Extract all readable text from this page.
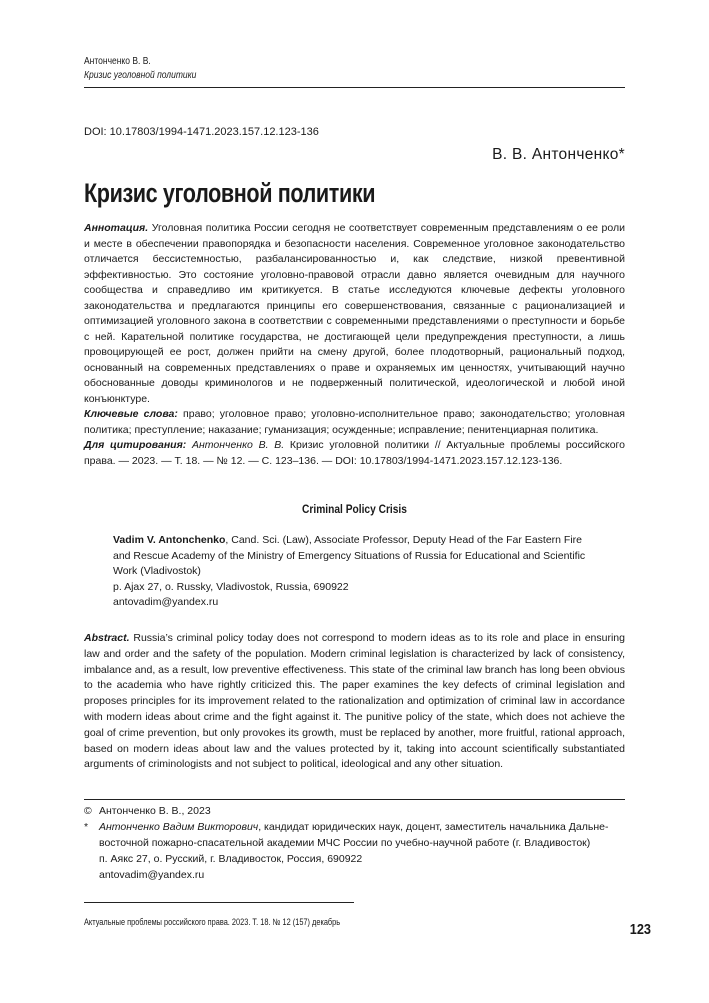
Антонченко В. В.
Кризис уголовной политики
DOI: 10.17803/1994-1471.2023.157.12.123-136
В. В. Антонченко*
Кризис уголовной политики

Аннотация. Уголовная политика России сегодня не соответствует современным представлениям о ее роли и месте в обеспечении правопорядка и безопасности населения. Современное уголовное законодательство отличается бессистемностью, разбалансированностью и, как следствие, низкой превентивной эффективностью. Это состояние уголовно-правовой отрасли давно является очевидным для научного сообщества и справедливо им критикуется. В статье исследуются ключевые дефекты уголовного законодательства и предлагаются принципы его совершенствования, связанные с рационализацией и оптимизацией уголовного закона в соответствии с современными представлениями о преступности и борьбе с ней. Карательной политике государства, не достигающей цели предупреждения преступности, а лишь провоцирующей ее рост, должен прийти на смену другой, более плодотворный, рациональный подход, основанный на современных представлениях о праве и охраняемых им ценностях, учитывающий научно обоснованные доводы криминологов и не подверженный политической, идеологической и любой иной конъюнктуре.

Ключевые слова: право; уголовное право; уголовно-исполнительное право; законодательство; уголовная политика; преступление; наказание; гуманизация; осужденные; исправление; пенитенциарная политика.

Для цитирования: Антонченко В. В. Кризис уголовной политики // Актуальные проблемы российского права. — 2023. — Т. 18. — № 12. — С. 123–136. — DOI: 10.17803/1994-1471.2023.157.12.123-136.

Criminal Policy Crisis
Vadim V. Antonchenko, Cand. Sci. (Law), Associate Professor, Deputy Head of the Far Eastern Fire
and Rescue Academy of the Ministry of Emergency Situations of Russia for Educational and Scientific
Work (Vladivostok)
p. Ajax 27, o. Russky, Vladivostok, Russia, 690922
antovadim@yandex.ru
Abstract. Russia’s criminal policy today does not correspond to modern ideas as to its role and place in ensuring law and order and the safety of the population. Modern criminal legislation is characterized by lack of consistency, imbalance and, as a result, low preventive effectiveness. This state of the criminal law branch has long been obvious to the academia who have rightly criticized this. The paper examines the key defects of criminal legislation and proposes principles for its improvement related to the rationalization and optimization of criminal law in accordance with modern ideas about crime and the fight against it. The punitive policy of the state, which does not achieve the goal of crime prevention, but only provokes its growth, must be replaced by another, more fruitful, rational approach, based on modern ideas about law and the values protected by it, taking into account scientifically substantiated arguments of criminologists and not subject to political, ideological and any other situation.
© Антонченко В. В., 2023
*	Антонченко Вадим Викторович, кандидат юридических наук, доцент, заместитель начальника Дальне-
восточной пожарно-спасательной академии МЧС России по учебно-научной работе (г. Владивосток)
п. Аякс 27, о. Русский, г. Владивосток, Россия, 690922
antovadim@yandex.ru
Актуальные проблемы российского права. 2023. Т. 18. № 12 (157) декабрь	123
